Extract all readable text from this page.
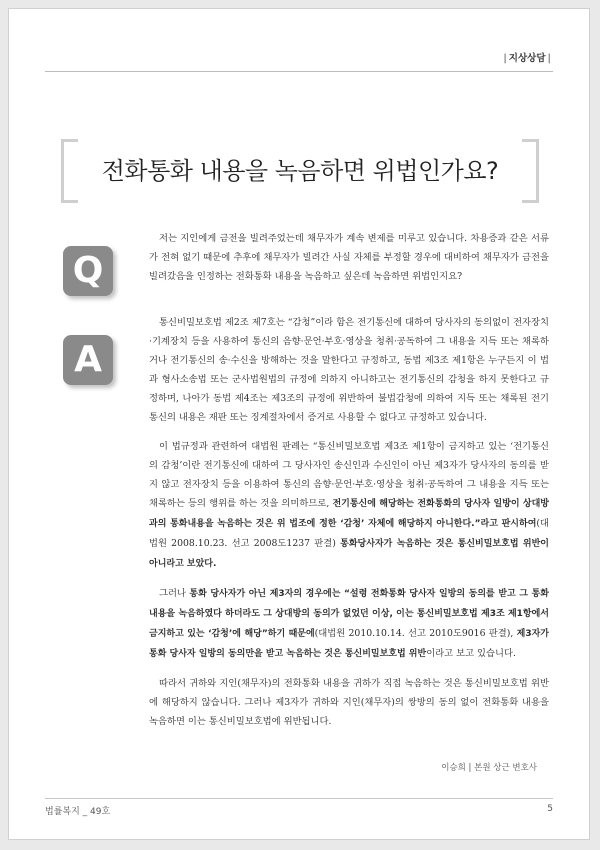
| 지상상담 |
전화통화 내용을 녹음하면 위법인가요?
Q
A

저는 지인에게 금전을 빌려주었는데 채무자가 계속 변제를 미루고 있습니다. 차용증과 같은 서류가 전혀 없기 때문에 추후에 채무자가 빌려간 사실 자체를 부정할 경우에 대비하여 채무자가 금전을 빌려갔음을 인정하는 전화통화 내용을 녹음하고 싶은데 녹음하면 위법인지요?

통신비밀보호법 제2조 제7호는 “감청”이라 함은 전기통신에 대하여 당사자의 동의없이 전자장치·기계장치 등을 사용하여 통신의 음향·문언·부호·영상을 청취·공독하여 그 내용을 지득 또는 채록하거나 전기통신의 송·수신을 방해하는 것을 말한다고 규정하고, 동법 제3조 제1항은 누구든지 이 법과 형사소송법 또는 군사법원법의 규정에 의하지 아니하고는 전기통신의 감청을 하지 못한다고 규정하며, 나아가 동법 제4조는 제3조의 규정에 위반하여 불법감청에 의하여 지득 또는 채록된 전기통신의 내용은 재판 또는 징계절차에서 증거로 사용할 수 없다고 규정하고 있습니다.

이 법규정과 관련하여 대법원 판례는 “통신비밀보호법 제3조 제1항이 금지하고 있는 ‘전기통신의 감청’이란 전기통신에 대하여 그 당사자인 송신인과 수신인이 아닌 제3자가 당사자의 동의를 받지 않고 전자장치 등을 이용하여 통신의 음향·문언·부호·영상을 청취·공독하여 그 내용을 지득 또는 채록하는 등의 행위를 하는 것을 의미하므로, 전기통신에 해당하는 전화통화의 당사자 일방이 상대방과의 통화내용을 녹음하는 것은 위 법조에 정한 ‘감청’ 자체에 해당하지 아니한다.”라고 판시하여(대법원 2008.10.23. 선고 2008도1237 판결) 통화당사자가 녹음하는 것은 통신비밀보호법 위반이 아니라고 보았다.

그러나 통화 당사자가 아닌 제3자의 경우에는 “설령 전화통화 당사자 일방의 동의를 받고 그 통화내용을 녹음하였다 하더라도 그 상대방의 동의가 없었던 이상, 이는 통신비밀보호법 제3조 제1항에서 금지하고 있는 ‘감청’에 해당”하기 때문에(대법원 2010.10.14. 선고 2010도9016 판결), 제3자가 통화 당사자 일방의 동의만을 받고 녹음하는 것은 통신비밀보호법 위반이라고 보고 있습니다.

따라서 귀하와 지인(채무자)의 전화통화 내용을 귀하가 직접 녹음하는 것은 통신비밀보호법 위반에 해당하지 않습니다. 그러나 제3자가 귀하와 지인(채무자)의 쌍방의 동의 없이 전화통화 내용을 녹음하면 이는 통신비밀보호법에 위반됩니다.

이승희 | 본원 상근 변호사
법률복지 _ 49호	5
